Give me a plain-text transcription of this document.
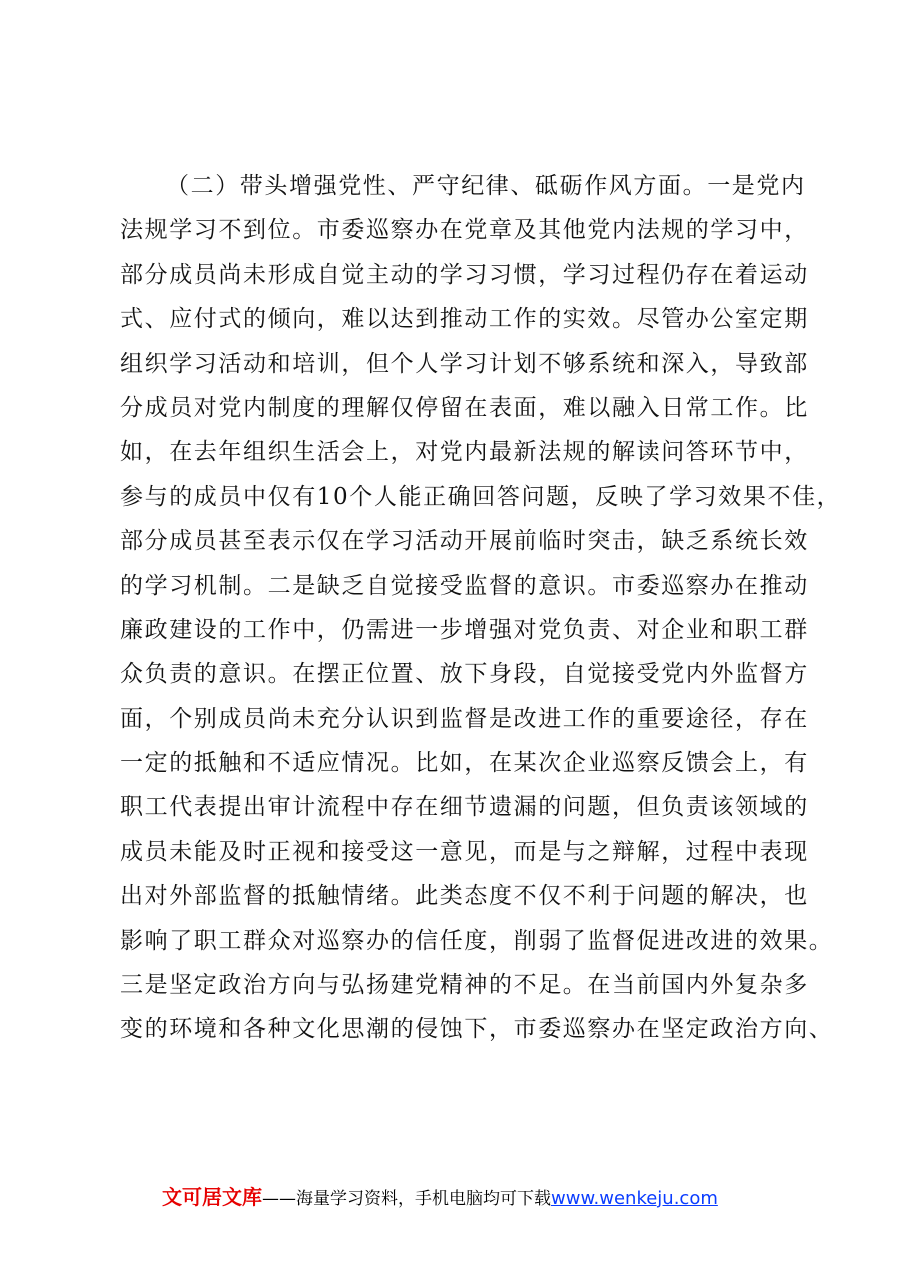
（二）带头增强党性、严守纪律、砥砺作风方面。一是党内
法规学习不到位。市委巡察办在党章及其他党内法规的学习中，
部分成员尚未形成自觉主动的学习习惯，学习过程仍存在着运动
式、应付式的倾向，难以达到推动工作的实效。尽管办公室定期
组织学习活动和培训，但个人学习计划不够系统和深入，导致部
分成员对党内制度的理解仅停留在表面，难以融入日常工作。比
如，在去年组织生活会上，对党内最新法规的解读问答环节中，
参与的成员中仅有10个人能正确回答问题，反映了学习效果不佳，
部分成员甚至表示仅在学习活动开展前临时突击，缺乏系统长效
的学习机制。二是缺乏自觉接受监督的意识。市委巡察办在推动
廉政建设的工作中，仍需进一步增强对党负责、对企业和职工群
众负责的意识。在摆正位置、放下身段，自觉接受党内外监督方
面，个别成员尚未充分认识到监督是改进工作的重要途径，存在
一定的抵触和不适应情况。比如，在某次企业巡察反馈会上，有
职工代表提出审计流程中存在细节遗漏的问题，但负责该领域的
成员未能及时正视和接受这一意见，而是与之辩解，过程中表现
出对外部监督的抵触情绪。此类态度不仅不利于问题的解决，也
影响了职工群众对巡察办的信任度，削弱了监督促进改进的效果。
三是坚定政治方向与弘扬建党精神的不足。在当前国内外复杂多
变的环境和各种文化思潮的侵蚀下，市委巡察办在坚定政治方向、
文可居文库——海量学习资料，手机电脑均可下载www.wenkeju.com
